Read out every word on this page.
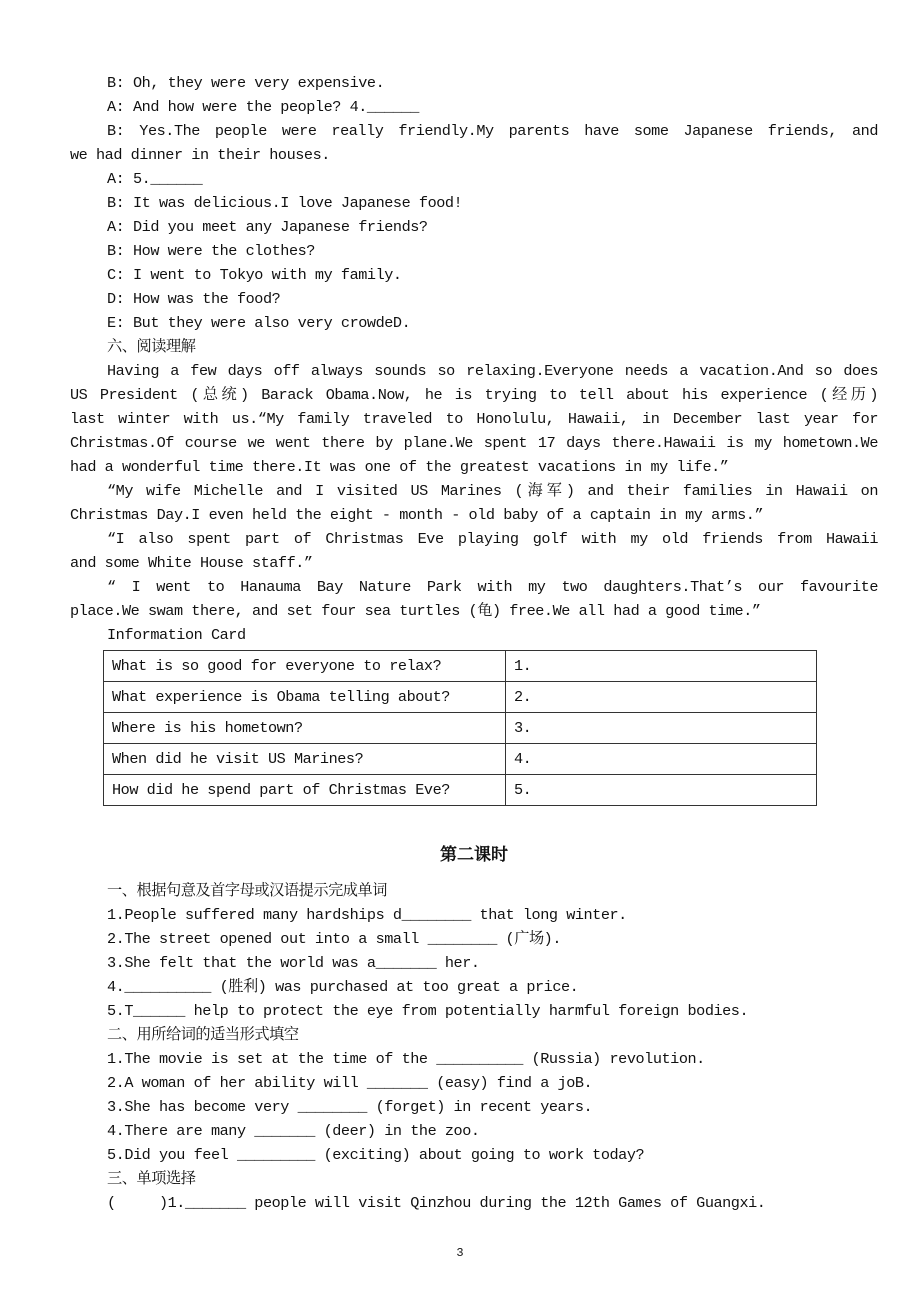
B: Oh, they were very expensive.
A: And how were the people? 4.______
B: Yes.The people were really friendly.My parents have some Japanese friends, and
we had dinner in their houses.
A: 5.______
B: It was delicious.I love Japanese food!
A: Did you meet any Japanese friends?
B: How were the clothes?
C: I went to Tokyo with my family.
D: How was the food?
E: But they were also very crowdeD.
六、阅读理解
Having a few days off always sounds so relaxing.Everyone needs a vacation.And so does
US President (总统) Barack Obama.Now, he is trying to tell about his experience (经历)
last winter with us.“My family traveled to Honolulu, Hawaii, in December last year for
Christmas.Of course we went there by plane.We spent 17 days there.Hawaii is my hometown.We
had a wonderful time there.It was one of the greatest vacations in my life.”
“My wife Michelle and I visited US Marines (海军) and their families in Hawaii on
Christmas Day.I even held the eight - month - old baby of a captain in my arms.”
“I also spent part of Christmas Eve playing golf with my old friends from Hawaii
and some White House staff.”
“ I went to Hanauma Bay Nature Park with my two daughters.That’s our favourite
place.We swam there, and set four sea turtles (龟) free.We all had a good time.”
Information Card
What is so good for everyone to relax?	1.
What experience is Obama telling about?	2.
Where is his hometown?	3.
When did he visit US Marines?	4.
How did he spend part of Christmas Eve?	5.
第二课时
一、根据句意及首字母或汉语提示完成单词
1.People suffered many hardships d________ that long winter.
2.The street opened out into a small ________ (广场).
3.She felt that the world was a_______ her.
4.__________ (胜利) was purchased at too great a price.
5.T______ help to protect the eye from potentially harmful foreign bodies.
二、用所给词的适当形式填空
1.The movie is set at the time of the __________ (Russia) revolution.
2.A woman of her ability will _______ (easy) find a joB.
3.She has become very ________ (forget) in recent years.
4.There are many _______ (deer) in the zoo.
5.Did you feel _________ (exciting) about going to work today?
三、单项选择
(     )1._______ people will visit Qinzhou during the 12th Games of Guangxi.
3
